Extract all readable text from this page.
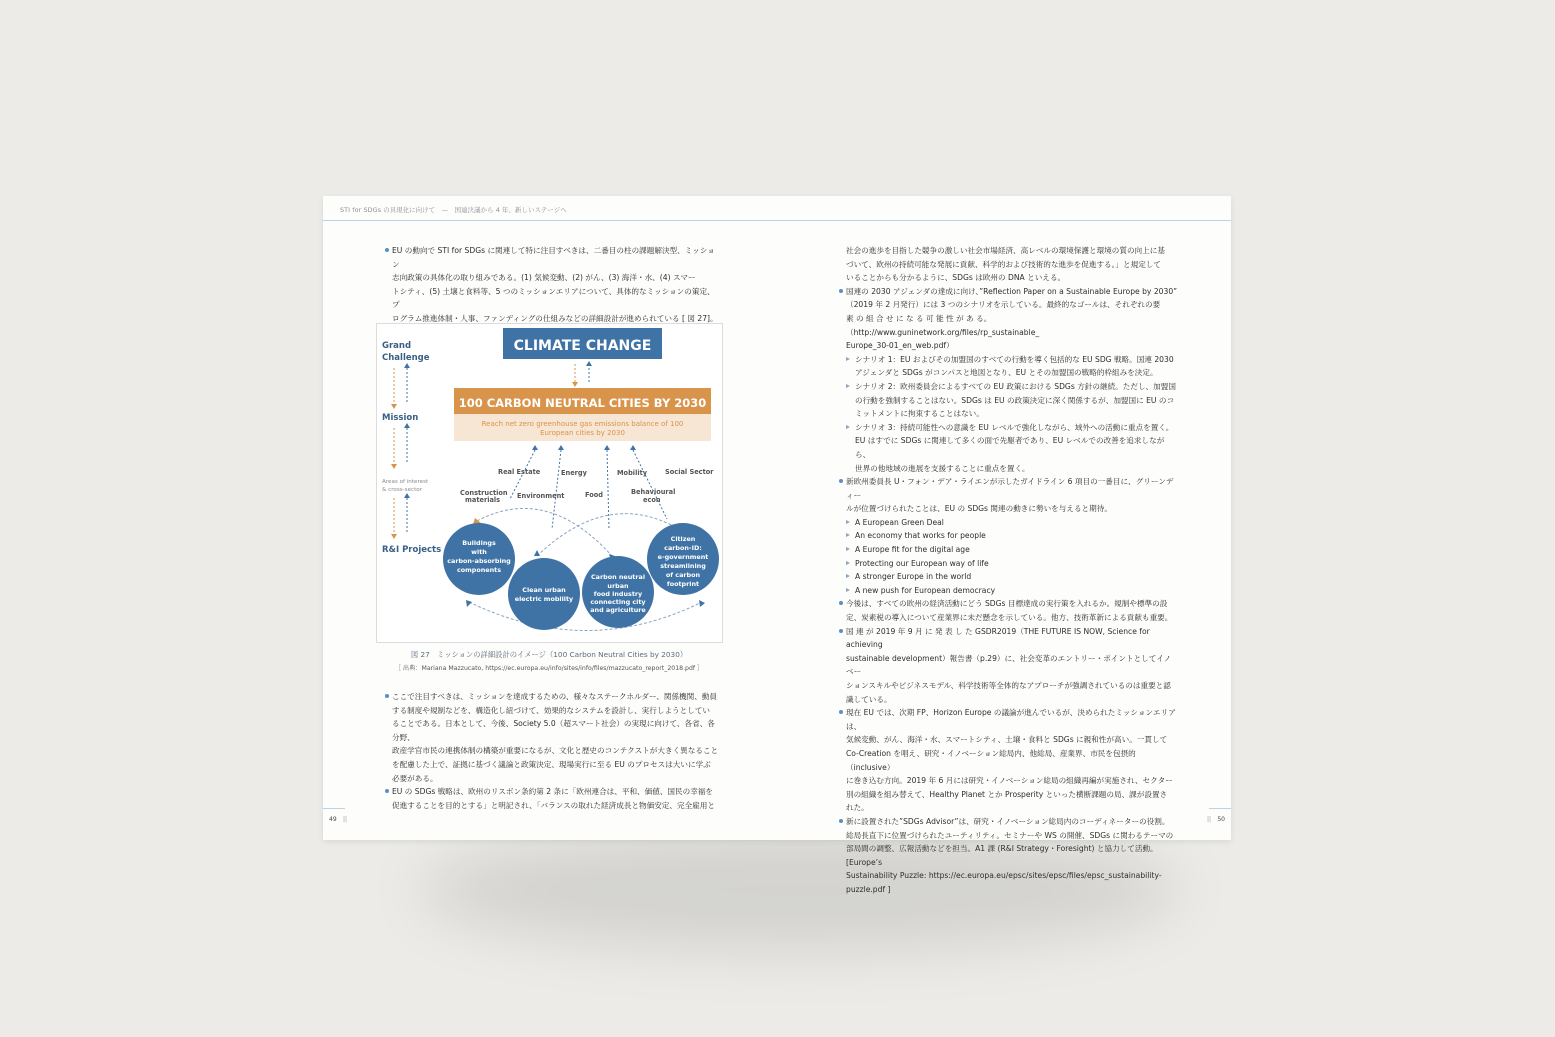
STI for SDGs の具現化に向けて　—　国連決議から 4 年、新しいステージへ
EU の動向で STI for SDGs に関連して特に注目すべきは、二番目の柱の課題解決型、ミッション
志向政策の具体化の取り組みである。(1) 気候変動、(2) がん、(3) 海洋・水、(4) スマー
トシティ、(5) 土壌と食料等、5 つのミッションエリアについて、具体的なミッションの策定、プ
ログラム推進体制・人事、ファンディングの仕組みなどの詳細設計が進められている [ 図 27]。
Grand
Challenge
Mission
Areas of interest
& cross-sector
R&I Projects
CLIMATE CHANGE
100 CARBON NEUTRAL CITIES BY 2030
Reach net zero greenhouse gas emissions balance of 100
European cities by 2030
Real Estate	Energy	Mobility	Social Sector
Construction
materials	Environment	Food	Behavioural
econ
Buildings
with
carbon-absorbing
components
Clean urban
electric mobility
Carbon neutral
urban
food industry
connecting city
and agriculture
Citizen
carbon-ID:
e-government
streamlining
of carbon
footprint
図 27　ミッションの詳細設計のイメージ（100 Carbon Neutral Cities by 2030）
［ 出典：Mariana Mazzucato, https://ec.europa.eu/info/sites/info/files/mazzucato_report_2018.pdf ］
ここで注目すべきは、ミッションを達成するための、様々なステークホルダー、関係機関、動員
する制度や規制などを、構造化し紐づけて、効果的なシステムを設計し、実行しようとしてい
ることである。日本として、今後、Society 5.0（超スマート社会）の実現に向けて、各省、各分野、
政産学官市民の連携体制の構築が重要になるが、文化と歴史のコンテクストが大きく異なること
を配慮した上で、証拠に基づく議論と政策決定、現場実行に至る EU のプロセスは大いに学ぶ
必要がある。
EU の SDGs 戦略は、欧州のリスボン条約第 2 条に「欧州連合は、平和、価値、国民の幸福を
促進することを目的とする」と明記され、「バランスの取れた経済成長と物価安定、完全雇用と
社会の進歩を目指した競争の激しい社会市場経済、高レベルの環境保護と環境の質の向上に基
づいて、欧州の持続可能な発展に貢献、科学的および技術的な進歩を促進する。」と規定して
いることからも分かるように、SDGs は欧州の DNA といえる。
国連の 2030 アジェンダの達成に向け、”Reflection Paper on a Sustainable Europe by 2030”
（2019 年 2 月発行）には 3 つのシナリオを示している。最終的なゴールは、それぞれの要
素 の 組 合 せ に な る 可 能 性 が あ る。（http://www.guninetwork.org/files/rp_sustainable_
Europe_30-01_en_web.pdf）
シナリオ 1：EU およびその加盟国のすべての行動を導く包括的な EU SDG 戦略。国連 2030
アジェンダと SDGs がコンパスと地図となり、EU とその加盟国の戦略的枠組みを決定。
シナリオ 2：欧州委員会によるすべての EU 政策における SDGs 方針の継続。ただし、加盟国
の行動を強制することはない。SDGs は EU の政策決定に深く関係するが、加盟国に EU のコ
ミットメントに拘束することはない。
シナリオ 3：持続可能性への意識を EU レベルで強化しながら、域外への活動に重点を置く。
EU はすでに SDGs に関連して多くの面で先駆者であり、EU レベルでの改善を追求しながら、
世界の他地域の進展を支援することに重点を置く。
新欧州委員長 U・フォン・デア・ライエンが示したガイドライン 6 項目の一番目に、グリーンディー
ルが位置づけられたことは、EU の SDGs 関連の動きに勢いを与えると期待。
A European Green Deal
An economy that works for people
A Europe fit for the digital age
Protecting our European way of life
A stronger Europe in the world
A new push for European democracy
今後は、すべての欧州の経済活動にどう SDGs 目標達成の実行策を入れるか。規制や標準の設
定、炭素税の導入について産業界に未だ懸念を示している。他方、技術革新による貢献も重要。
国 連 が 2019 年 9 月 に 発 表 し た GSDR2019（THE FUTURE IS NOW, Science for achieving
sustainable development）報告書（p.29）に、社会変革のエントリー・ポイントとしてイノベー
ションスキルやビジネスモデル、科学技術等全体的なアプローチが強調されているのは重要と認
識している。
現在 EU では、次期 FP、Horizon Europe の議論が進んでいるが、決められたミッションエリアは、
気候変動、がん、海洋・水、スマートシティ、土壌・食料と SDGs に親和性が高い。一貫して
Co-Creation を唱え、研究・イノベーション総局内、他総局、産業界、市民を包摂的（inclusive）
に巻き込む方向。2019 年 6 月には研究・イノベーション総局の組織再編が実施され、セクター
別の組織を組み替えて、Healthy Planet とか Prosperity といった横断課題の局、課が設置さ
れた。
新に設置された”SDGs Advisor”は、研究・イノベーション総局内のコーディネーターの役割。
総局長直下に位置づけられたユーティリティ。セミナーや WS の開催、SDGs に関わるテーマの
部局間の調整、広報活動などを担当。A1 課 (R&I Strategy・Foresight) と協力して活動。[Europe’s
Sustainability Puzzle: https://ec.europa.eu/epsc/sites/epsc/files/epsc_sustainability-
puzzle.pdf ]
49 ||	|| 50
